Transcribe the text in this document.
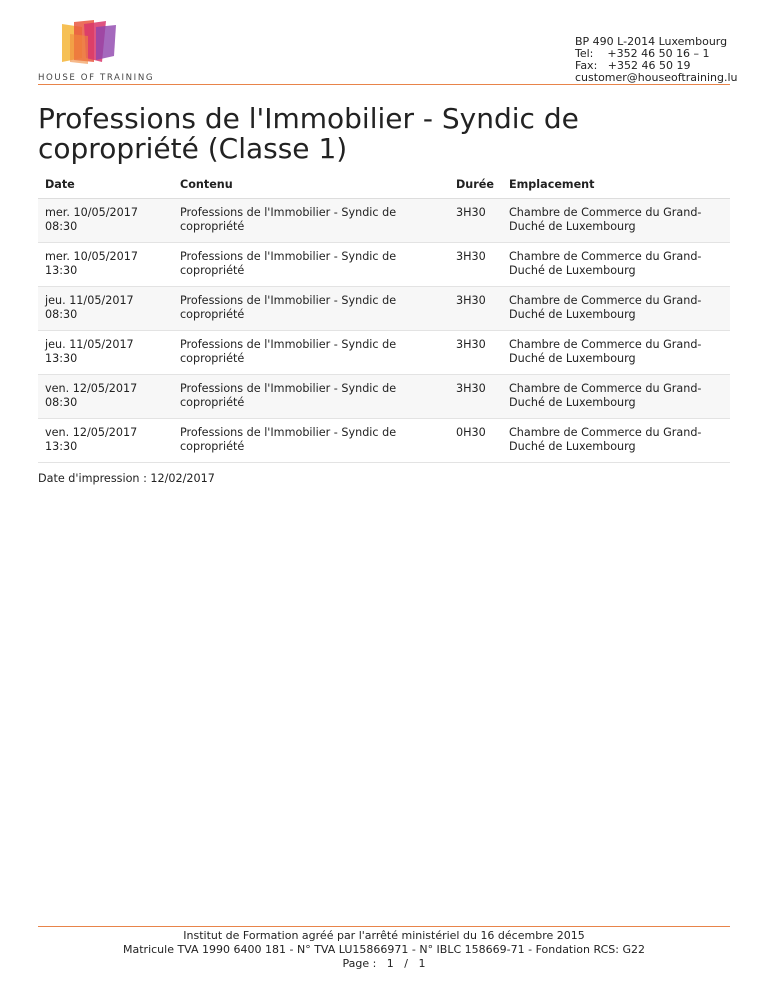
HOUSE OF TRAINING
BP 490 L-2014 Luxembourg
Tel:    +352 46 50 16 – 1
Fax:   +352 46 50 19
customer@houseoftraining.lu
Professions de l'Immobilier - Syndic de copropriété (Classe 1)
Date	Contenu	Durée	Emplacement
mer. 10/05/2017 08:30	Professions de l'Immobilier - Syndic de copropriété	3H30	Chambre de Commerce du Grand-Duché de Luxembourg
mer. 10/05/2017 13:30	Professions de l'Immobilier - Syndic de copropriété	3H30	Chambre de Commerce du Grand-Duché de Luxembourg
jeu. 11/05/2017 08:30	Professions de l'Immobilier - Syndic de copropriété	3H30	Chambre de Commerce du Grand-Duché de Luxembourg
jeu. 11/05/2017 13:30	Professions de l'Immobilier - Syndic de copropriété	3H30	Chambre de Commerce du Grand-Duché de Luxembourg
ven. 12/05/2017 08:30	Professions de l'Immobilier - Syndic de copropriété	3H30	Chambre de Commerce du Grand-Duché de Luxembourg
ven. 12/05/2017 13:30	Professions de l'Immobilier - Syndic de copropriété	0H30	Chambre de Commerce du Grand-Duché de Luxembourg
Date d'impression : 12/02/2017
Institut de Formation agréé par l'arrêté ministériel du 16 décembre 2015
Matricule TVA 1990 6400 181 - N° TVA LU15866971 - N° IBLC 158669-71 - Fondation RCS: G22
Page :   1   /   1
